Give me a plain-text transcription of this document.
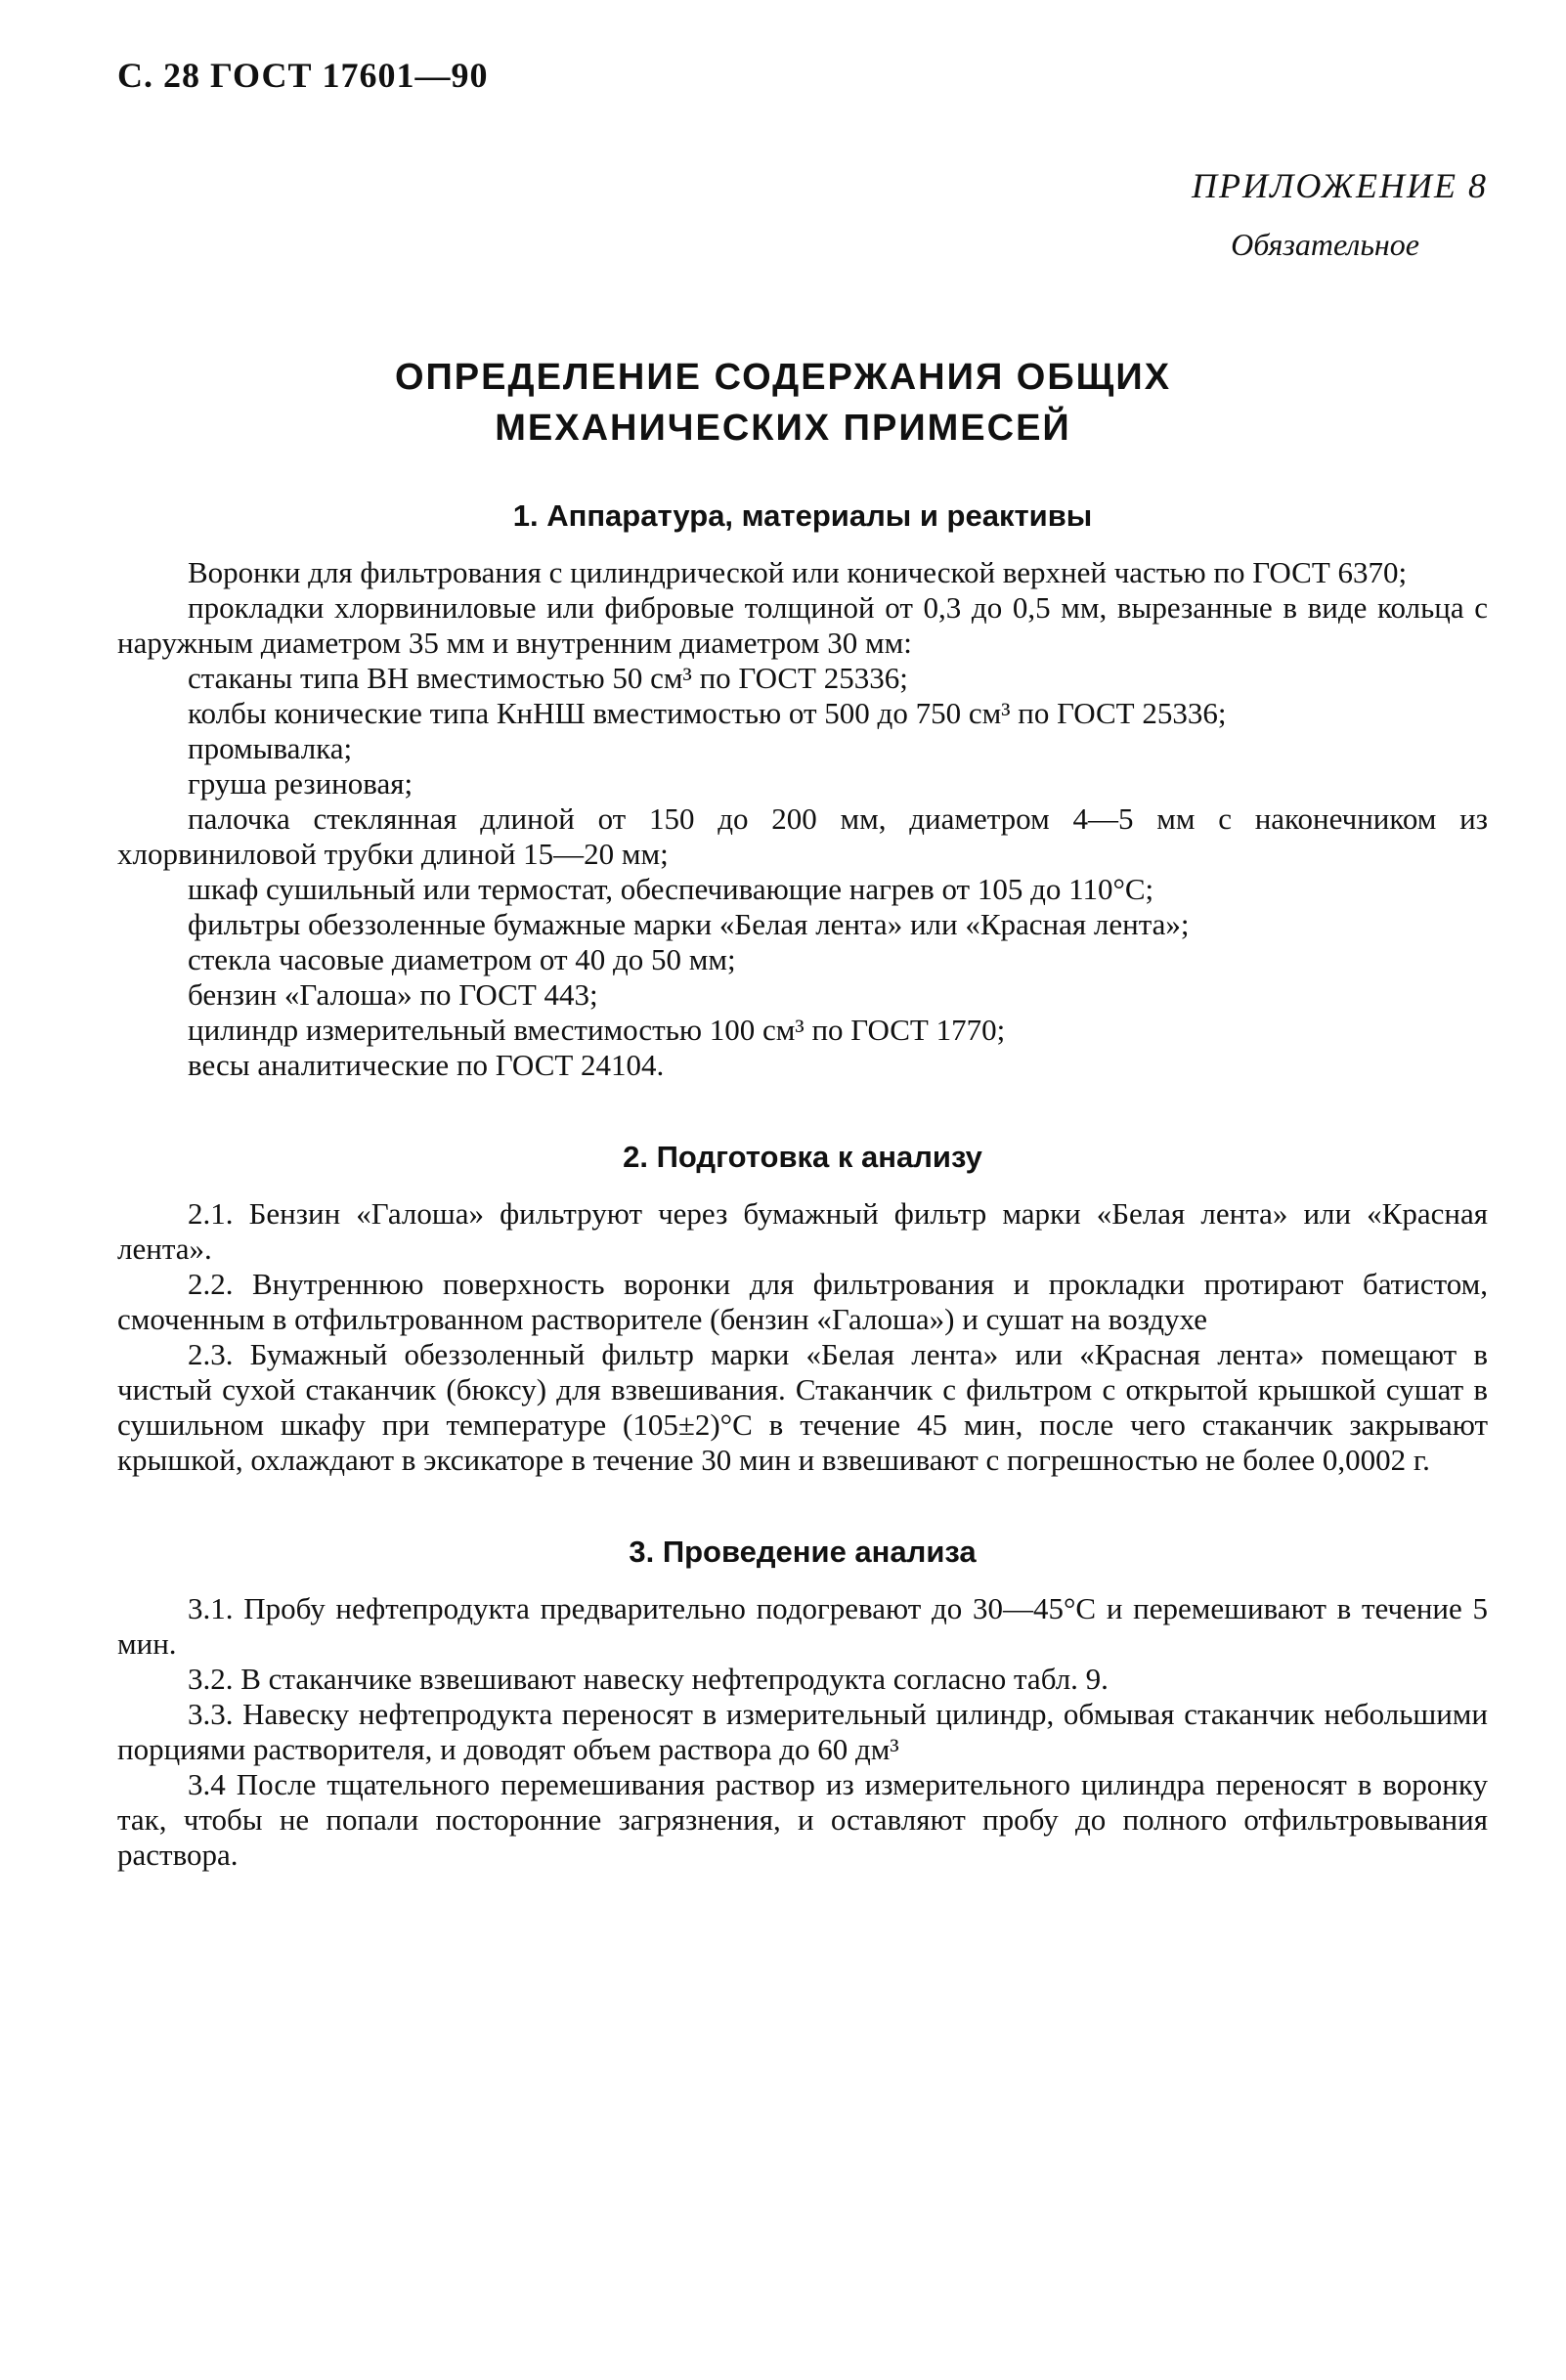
С. 28 ГОСТ 17601—90
ПРИЛОЖЕНИЕ 8
Обязательное
ОПРЕДЕЛЕНИЕ СОДЕРЖАНИЯ ОБЩИХ
МЕХАНИЧЕСКИХ ПРИМЕСЕЙ
1. Аппаратура, материалы и реактивы

Воронки для фильтрования с цилиндрической или конической верхней частью по ГОСТ 6370;

прокладки хлорвиниловые или фибровые толщиной от 0,3 до 0,5 мм, вырезанные в виде кольца с наружным диаметром 35 мм и внутренним диаметром 30 мм:

стаканы типа ВН вместимостью 50 см³ по ГОСТ 25336;

колбы конические типа КнНШ вместимостью от 500 до 750 см³ по ГОСТ 25336;

промывалка;

груша резиновая;

палочка стеклянная длиной от 150 до 200 мм, диаметром 4—5 мм с наконечником из хлорвиниловой трубки длиной 15—20 мм;

шкаф сушильный или термостат, обеспечивающие нагрев от 105 до 110°С;

фильтры обеззоленные бумажные марки «Белая лента» или «Красная лента»;

стекла часовые диаметром от 40 до 50 мм;

бензин «Галоша» по ГОСТ 443;

цилиндр измерительный вместимостью 100 см³ по ГОСТ 1770;

весы аналитические по ГОСТ 24104.

2. Подготовка к анализу

2.1. Бензин «Галоша» фильтруют через бумажный фильтр марки «Белая лента» или «Красная лента».

2.2. Внутреннюю поверхность воронки для фильтрования и прокладки протирают батистом, смоченным в отфильтрованном растворителе (бензин «Галоша») и сушат на воздухе

2.3. Бумажный обеззоленный фильтр марки «Белая лента» или «Красная лента» помещают в чистый сухой стаканчик (бюксу) для взвешивания. Стаканчик с фильтром с открытой крышкой сушат в сушильном шкафу при температуре (105±2)°С в течение 45 мин, после чего стаканчик закрывают крышкой, охлаждают в эксикаторе в течение 30 мин и взвешивают с погрешностью не более 0,0002 г.

3. Проведение анализа

3.1. Пробу нефтепродукта предварительно подогревают до 30—45°С и перемешивают в течение 5 мин.

3.2. В стаканчике взвешивают навеску нефтепродукта согласно табл. 9.

3.3. Навеску нефтепродукта переносят в измерительный цилиндр, обмывая стаканчик небольшими порциями растворителя, и доводят объем раствора до 60 дм³

3.4 После тщательного перемешивания раствор из измерительного цилиндра переносят в воронку так, чтобы не попали посторонние загрязнения, и оставляют пробу до полного отфильтровывания раствора.
